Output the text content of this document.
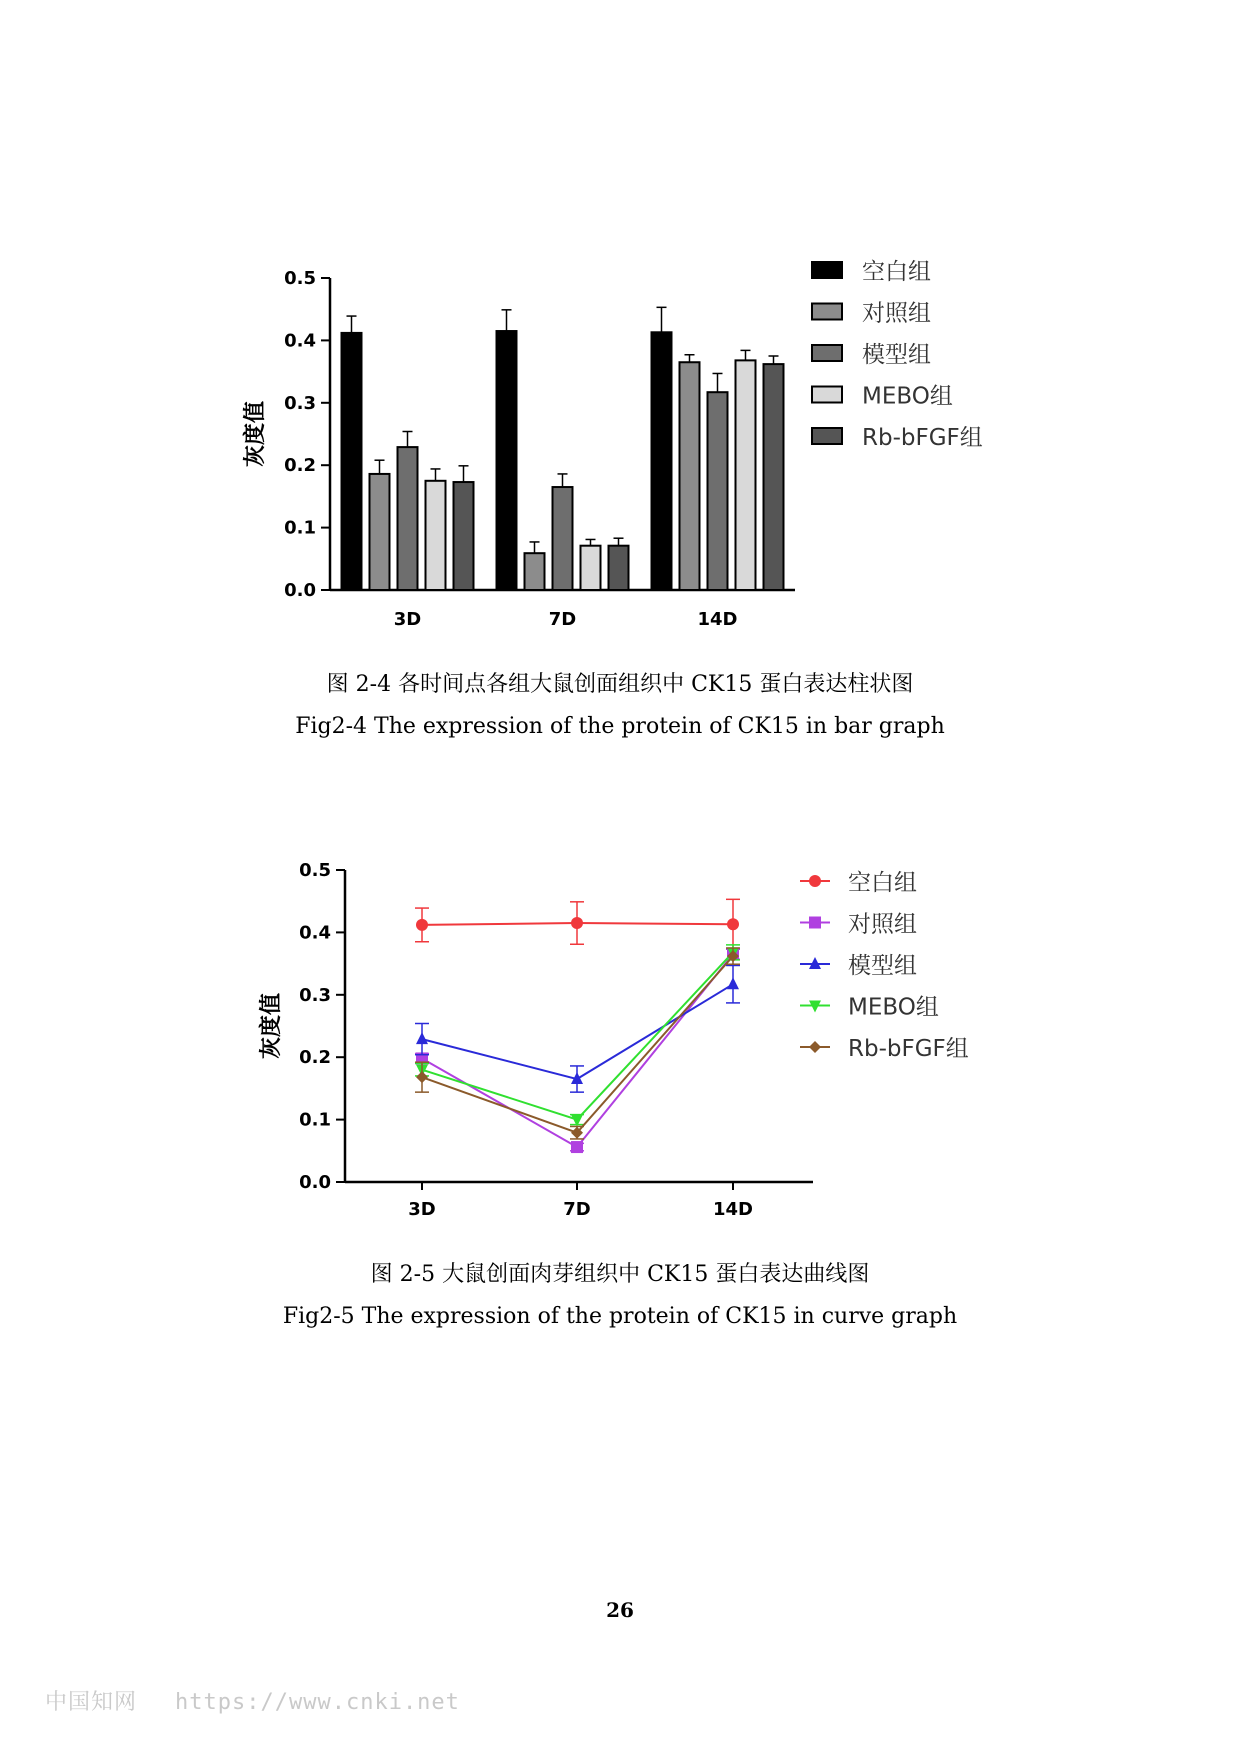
0.0
0.1
0.2
0.3
0.4
0.5
灰度值
3D	7D	14D
空白组
对照组
模型组
MEBO组
Rb-bFGF组
图 2-4 各时间点各组大鼠创面组织中 CK15 蛋白表达柱状图
Fig2-4 The expression of the protein of CK15 in bar graph
0.0
0.1
0.2
0.3
0.4
0.5
灰度值
3D	7D	14D
空白组
对照组
模型组
MEBO组
Rb-bFGF组
图 2-5 大鼠创面肉芽组织中 CK15 蛋白表达曲线图
Fig2-5 The expression of the protein of CK15 in curve graph
26
中国知网 https://www.cnki.net
